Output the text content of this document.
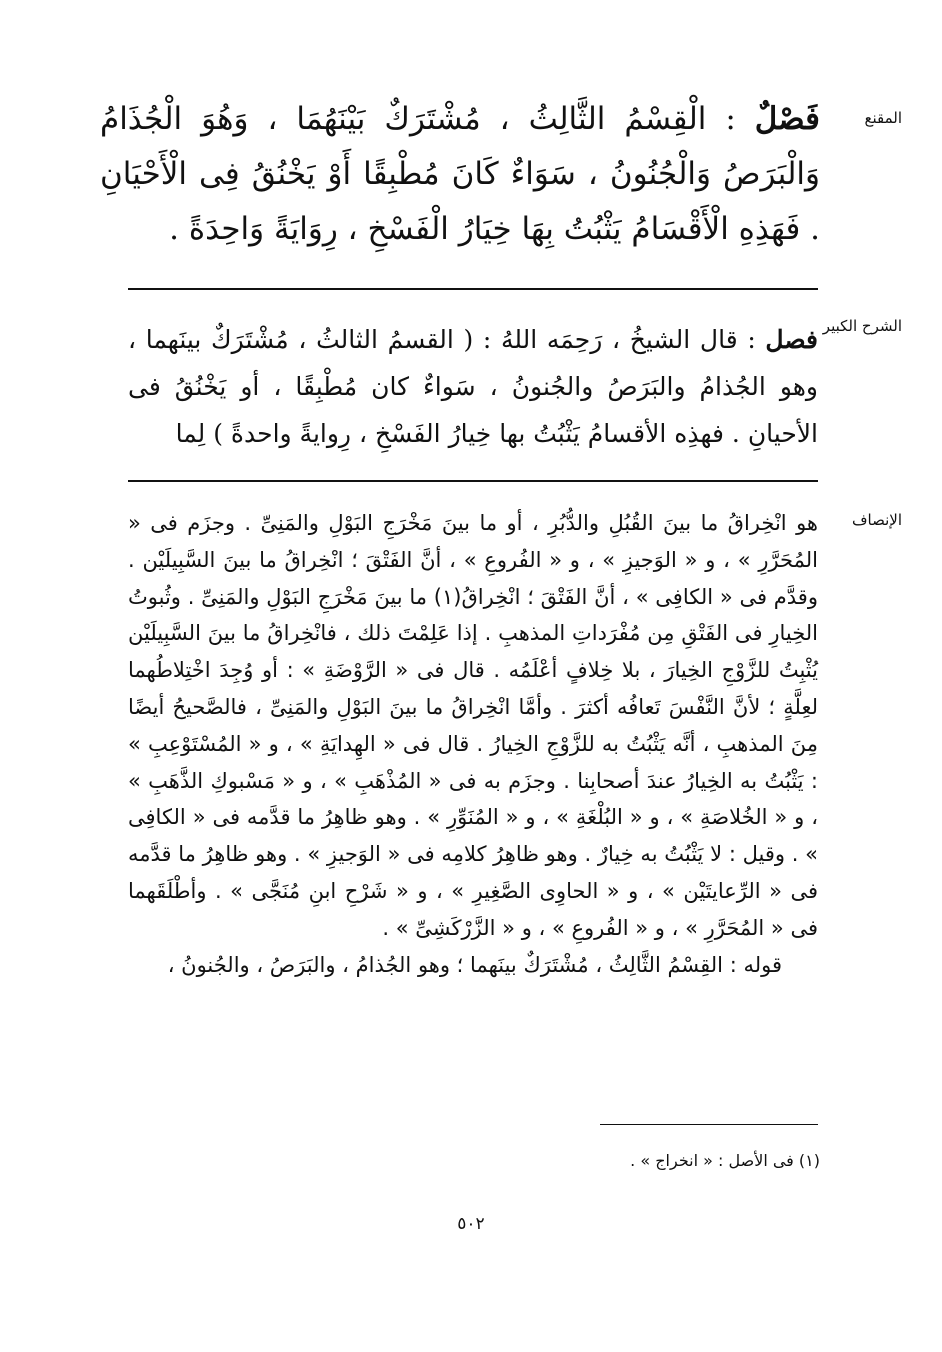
المقنع

فَصْلٌ : الْقِسْمُ الثَّالِثُ ، مُشْتَرَكٌ بَيْنَهُمَا ، وَهُوَ الْجُذَامُ وَالْبَرَصُ وَالْجُنُونُ ، سَوَاءٌ كَانَ مُطْبِقًا أَوْ يَخْنُقُ فِى الْأَحْيَانِ . فَهَذِهِ الْأَقْسَامُ يَثْبُتُ بِهَا خِيَارُ الْفَسْخِ ، رِوَايَةً وَاحِدَةً .

الشرح الكبير

فصل : قال الشيخُ ، رَحِمَه اللهُ : ( القسمُ الثالثُ ، مُشْتَرَكٌ بينَهما ، وهو الجُذامُ والبَرَصُ والجُنونُ ، سَواءٌ كان مُطْبِقًا ، أو يَخْنُقُ فى الأحيانِ . فهذِه الأقسامُ يَثْبُتُ بها خِيارُ الفَسْخِ ، رِوايةً واحدةً ) لِما

الإنصاف

هو انْخِراقُ ما بينَ القُبُلِ والدُّبُرِ ، أو ما بينَ مَخْرَجِ البَوْلِ والمَنِىِّ . وجزَم فى « المُحَرَّرِ » ، و « الوَجيزِ » ، و « الفُروعِ » ، أنَّ الفَتْقَ ؛ انْخِراقُ ما بينَ السَّبِيلَيْن . وقدَّم فى « الكافِى » ، أنَّ الفَتْقَ ؛ انْخِراقُ(١) ما بينَ مَخْرَجِ البَوْلِ والمَنِىِّ . وثُبوتُ الخِيارِ فى الفَتْقِ مِن مُفْرَداتِ المذهبِ . إذا عَلِمْتَ ذلك ، فانْخِراقُ ما بينَ السَّبِيلَيْن يُثْبِتُ للزَّوْجِ الخِيارَ ، بلا خِلافٍ أعْلَمُه . قال فى « الرَّوْضَةِ » : أو وُجِدَ اخْتِلاطُهما لعِلَّةٍ ؛ لأنَّ النَّفْسَ تَعافُه أكثرَ . وأمَّا انْخِراقُ ما بينَ البَوْلِ والمَنِىِّ ، فالصَّحيحُ أيضًا مِنَ المذهبِ ، أنَّه يَثْبُتُ به للزَّوْجِ الخِيارُ . قال فى « الهِدايَةِ » ، و « المُسْتَوْعِبِ » : يَثْبُتُ به الخِيارُ عندَ أصحابِنا . وجزَم به فى « المُذْهَبِ » ، و « مَسْبوكِ الذَّهَبِ » ، و « الخُلاصَةِ » ، و « البُلْغَةِ » ، و « المُنَوِّرِ » . وهو ظاهِرُ ما قدَّمه فى « الكافِى » . وقيل : لا يَثْبُتُ به خِيارٌ . وهو ظاهِرُ كلامِه فى « الوَجيزِ » . وهو ظاهِرُ ما قدَّمه فى « الرِّعايتَيْن » ، و « الحاوِى الصَّغِيرِ » ، و « شَرْحِ ابنِ مُنَجَّى » . وأطْلَقَهما فى « المُحَرَّرِ » ، و « الفُروعِ » ، و « الزَّرْكَشِىِّ » .

قوله : القِسْمُ الثَّالِثُ ، مُشْتَرَكٌ بينَهما ؛ وهو الجُذامُ ، والبَرَصُ ، والجُنونُ ،

(١) فى الأصل : « انخراج » .
٥٠٢
